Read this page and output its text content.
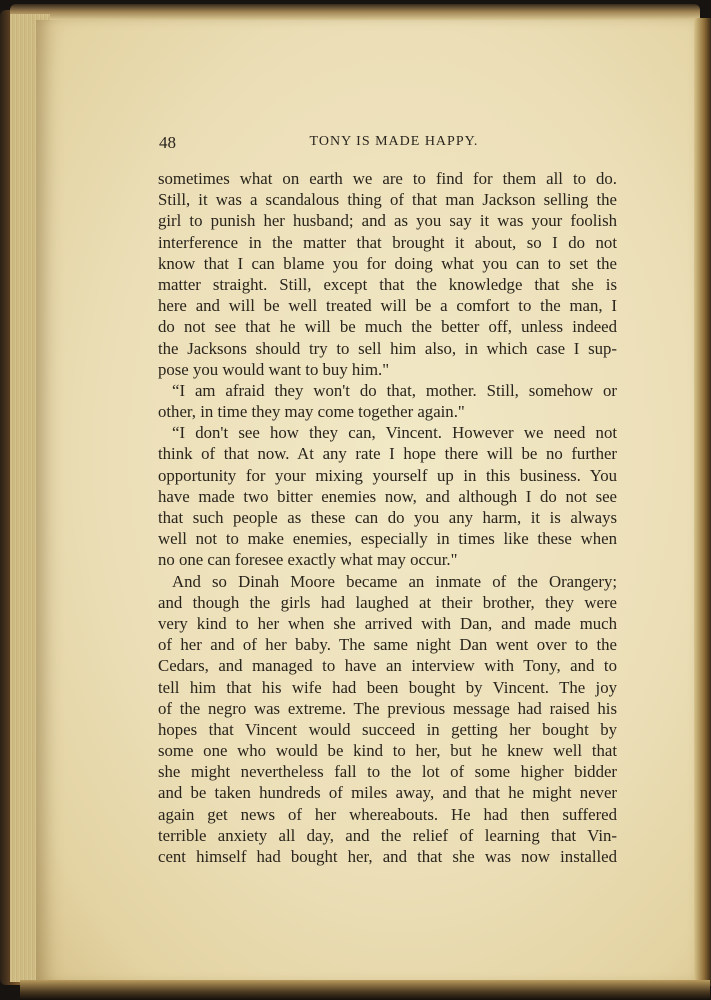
48	TONY IS MADE HAPPY.
sometimes what on earth we are to find for them all to do.
Still, it was a scandalous thing of that man Jackson selling the
girl to punish her husband; and as you say it was your foolish
interference in the matter that brought it about, so I do not
know that I can blame you for doing what you can to set the
matter straight. Still, except that the knowledge that she is
here and will be well treated will be a comfort to the man, I
do not see that he will be much the better off, unless indeed
the Jacksons should try to sell him also, in which case I sup-
pose you would want to buy him."
“I am afraid they won't do that, mother. Still, somehow or
other, in time they may come together again."
“I don't see how they can, Vincent. However we need not
think of that now. At any rate I hope there will be no further
opportunity for your mixing yourself up in this business. You
have made two bitter enemies now, and although I do not see
that such people as these can do you any harm, it is always
well not to make enemies, especially in times like these when
no one can foresee exactly what may occur."
And so Dinah Moore became an inmate of the Orangery;
and though the girls had laughed at their brother, they were
very kind to her when she arrived with Dan, and made much
of her and of her baby. The same night Dan went over to the
Cedars, and managed to have an interview with Tony, and to
tell him that his wife had been bought by Vincent. The joy
of the negro was extreme. The previous message had raised his
hopes that Vincent would succeed in getting her bought by
some one who would be kind to her, but he knew well that
she might nevertheless fall to the lot of some higher bidder
and be taken hundreds of miles away, and that he might never
again get news of her whereabouts. He had then suffered
terrible anxiety all day, and the relief of learning that Vin-
cent himself had bought her, and that she was now installed
